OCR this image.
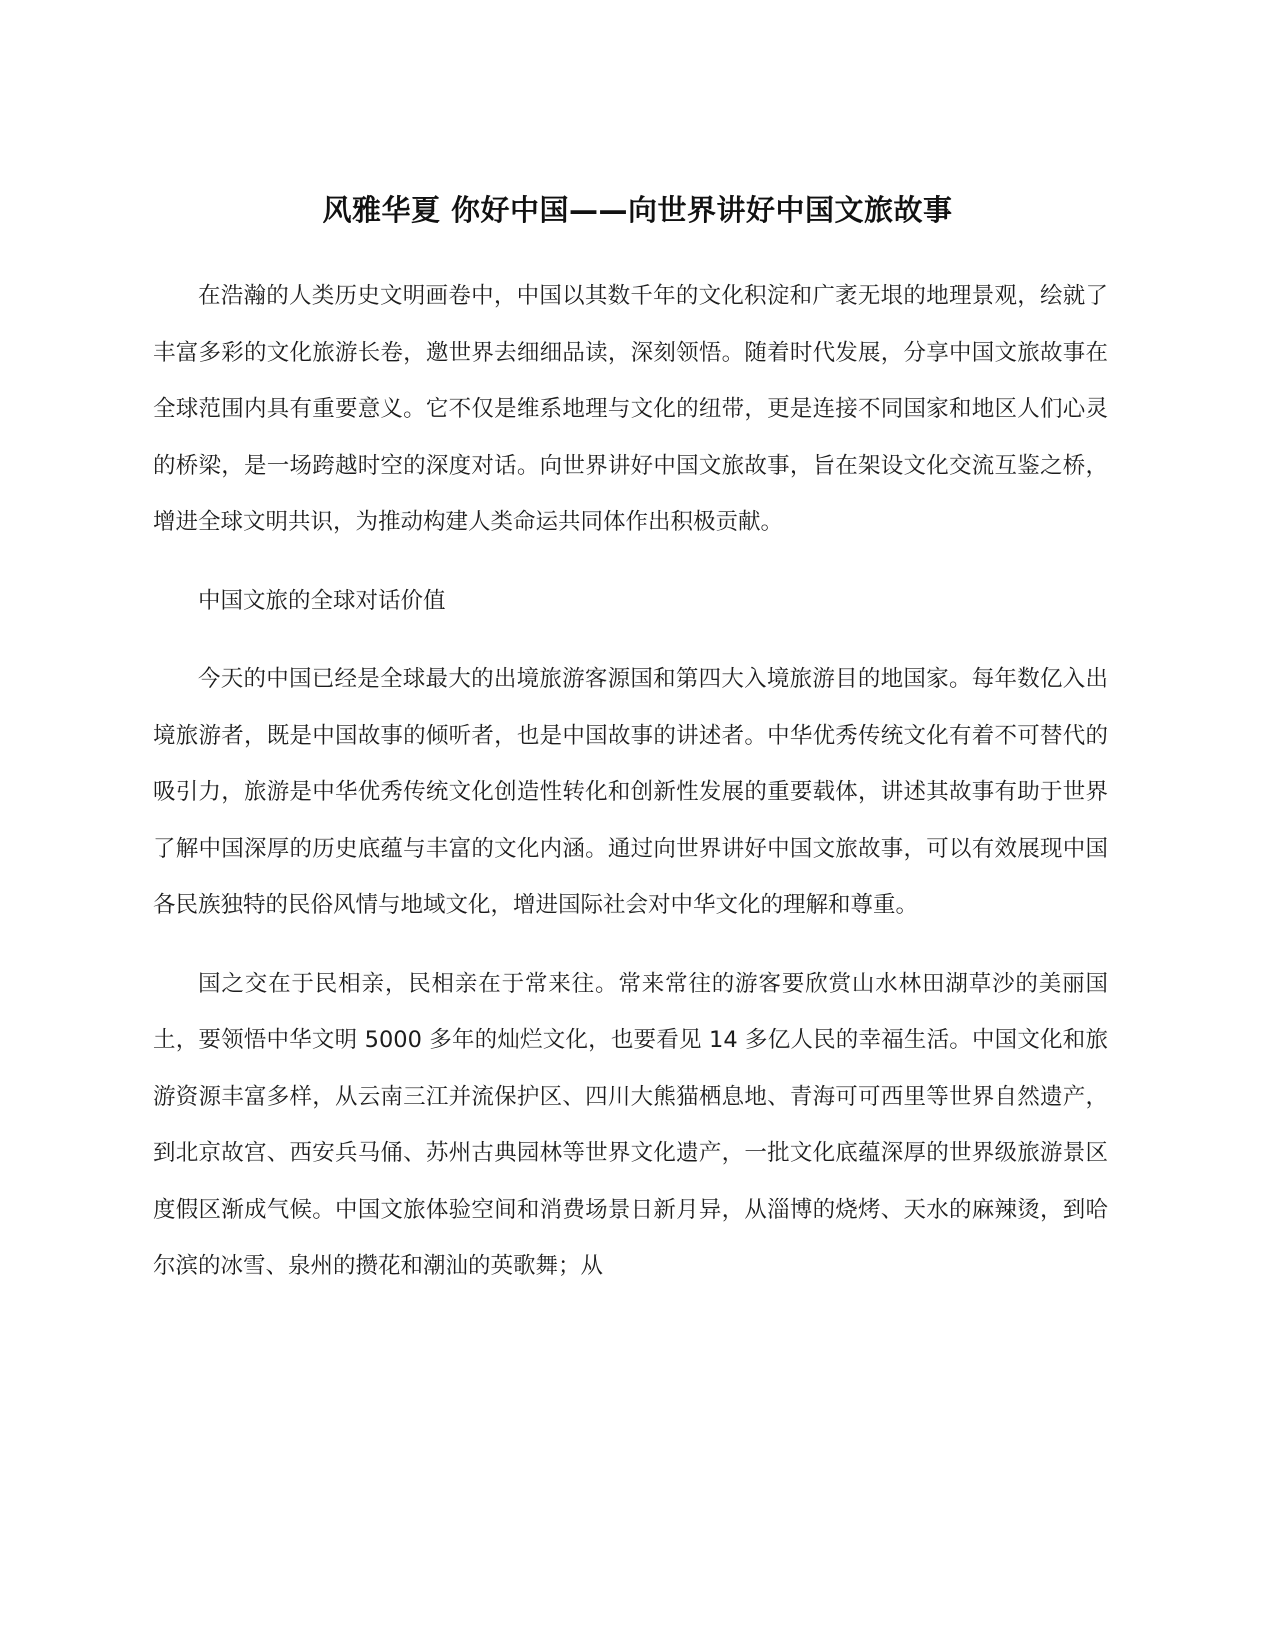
风雅华夏 你好中国——向世界讲好中国文旅故事

在浩瀚的人类历史文明画卷中，中国以其数千年的文化积淀和广袤无垠的地理景观，绘就了丰富多彩的文化旅游长卷，邀世界去细细品读，深刻领悟。随着时代发展，分享中国文旅故事在全球范围内具有重要意义。它不仅是维系地理与文化的纽带，更是连接不同国家和地区人们心灵的桥梁，是一场跨越时空的深度对话。向世界讲好中国文旅故事，旨在架设文化交流互鉴之桥，增进全球文明共识，为推动构建人类命运共同体作出积极贡献。

中国文旅的全球对话价值

今天的中国已经是全球最大的出境旅游客源国和第四大入境旅游目的地国家。每年数亿入出境旅游者，既是中国故事的倾听者，也是中国故事的讲述者。中华优秀传统文化有着不可替代的吸引力，旅游是中华优秀传统文化创造性转化和创新性发展的重要载体，讲述其故事有助于世界了解中国深厚的历史底蕴与丰富的文化内涵。通过向世界讲好中国文旅故事，可以有效展现中国各民族独特的民俗风情与地域文化，增进国际社会对中华文化的理解和尊重。

国之交在于民相亲，民相亲在于常来往。常来常往的游客要欣赏山水林田湖草沙的美丽国土，要领悟中华文明 5000 多年的灿烂文化，也要看见 14 多亿人民的幸福生活。中国文化和旅游资源丰富多样，从云南三江并流保护区、四川大熊猫栖息地、青海可可西里等世界自然遗产，到北京故宫、西安兵马俑、苏州古典园林等世界文化遗产，一批文化底蕴深厚的世界级旅游景区度假区渐成气候。中国文旅体验空间和消费场景日新月异，从淄博的烧烤、天水的麻辣烫，到哈尔滨的冰雪、泉州的攒花和潮汕的英歌舞；从
